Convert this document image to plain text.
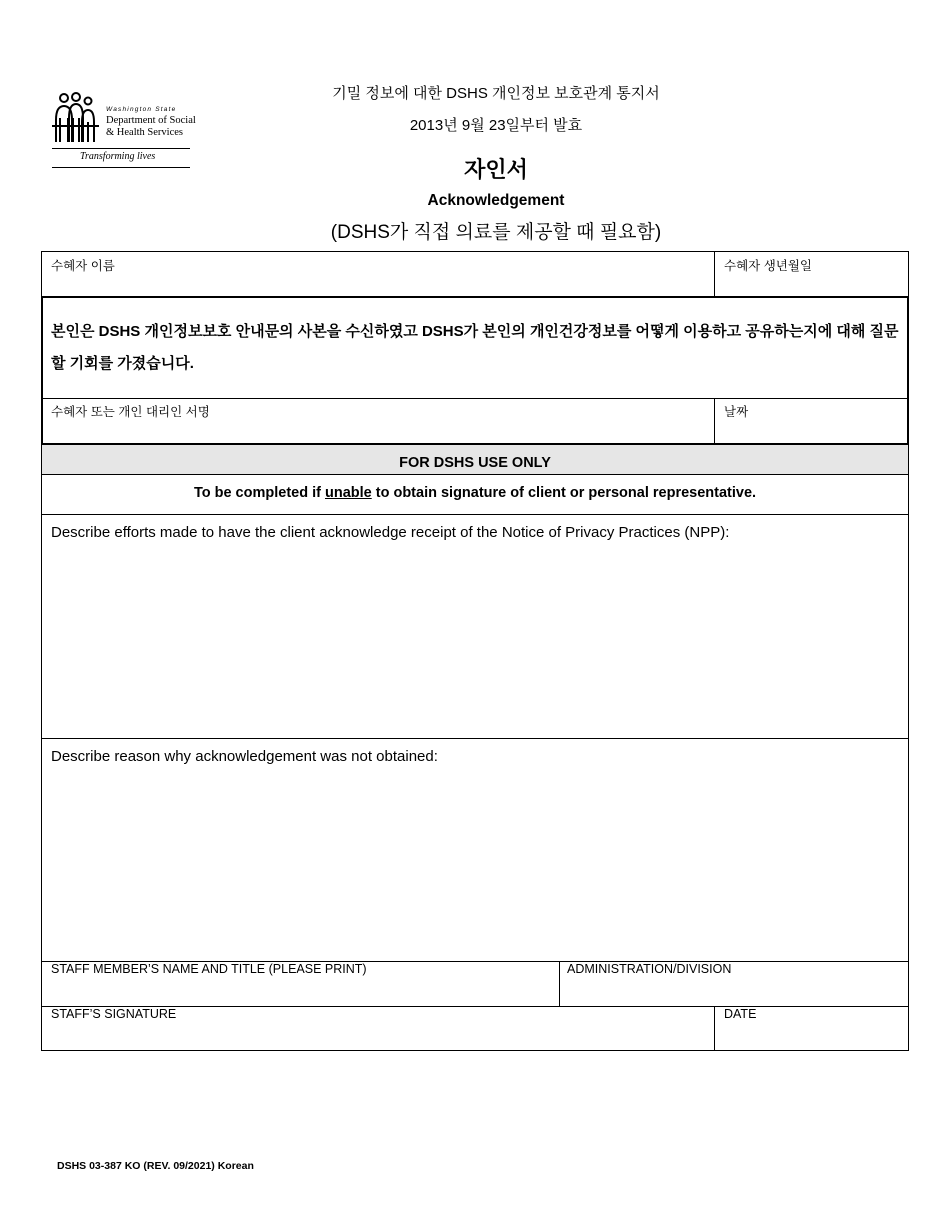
Washington State
Department of Social
& Health Services
Transforming lives
기밀 정보에 대한 DSHS 개인정보 보호관계 통지서
2013년 9월 23일부터 발효
자인서
Acknowledgement
(DSHS가 직접 의료를 제공할 때 필요함)
수혜자 이름	수혜자 생년월일
본인은 DSHS 개인정보보호 안내문의 사본을 수신하였고 DSHS가 본인의 개인건강정보를 어떻게 이용하고 공유하는지에 대해 질문할 기회를 가졌습니다.
수혜자 또는 개인 대리인 서명	날짜
FOR DSHS USE ONLY
To be completed if unable to obtain signature of client or personal representative.
Describe efforts made to have the client acknowledge receipt of the Notice of Privacy Practices (NPP):
Describe reason why acknowledgement was not obtained:
STAFF MEMBER’S NAME AND TITLE (PLEASE PRINT)	ADMINISTRATION/DIVISION
STAFF’S SIGNATURE	DATE
DSHS 03-387 KO (REV. 09/2021) Korean
